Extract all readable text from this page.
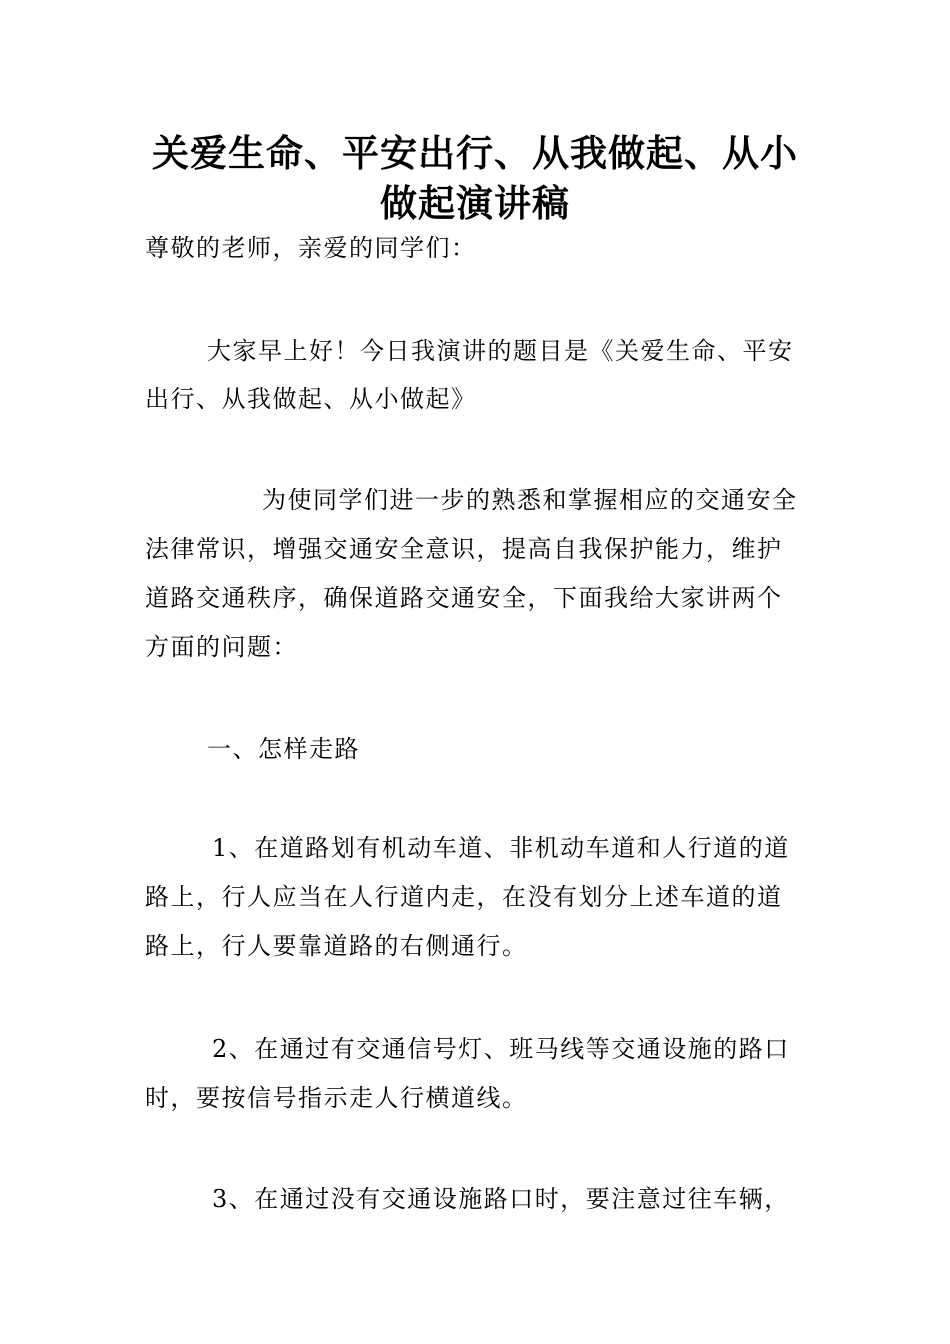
关爱生命、平安出行、从我做起、从小
做起演讲稿
尊敬的老师，亲爱的同学们：
大家早上好！今日我演讲的题目是《关爱生命、平安
出行、从我做起、从小做起》
为使同学们进一步的熟悉和掌握相应的交通安全
法律常识，增强交通安全意识，提高自我保护能力，维护
道路交通秩序，确保道路交通安全，下面我给大家讲两个
方面的问题：
一、怎样走路
1、在道路划有机动车道、非机动车道和人行道的道
路上，行人应当在人行道内走，在没有划分上述车道的道
路上，行人要靠道路的右侧通行。
2、在通过有交通信号灯、班马线等交通设施的路口
时，要按信号指示走人行横道线。
3、在通过没有交通设施路口时，要注意过往车辆，
